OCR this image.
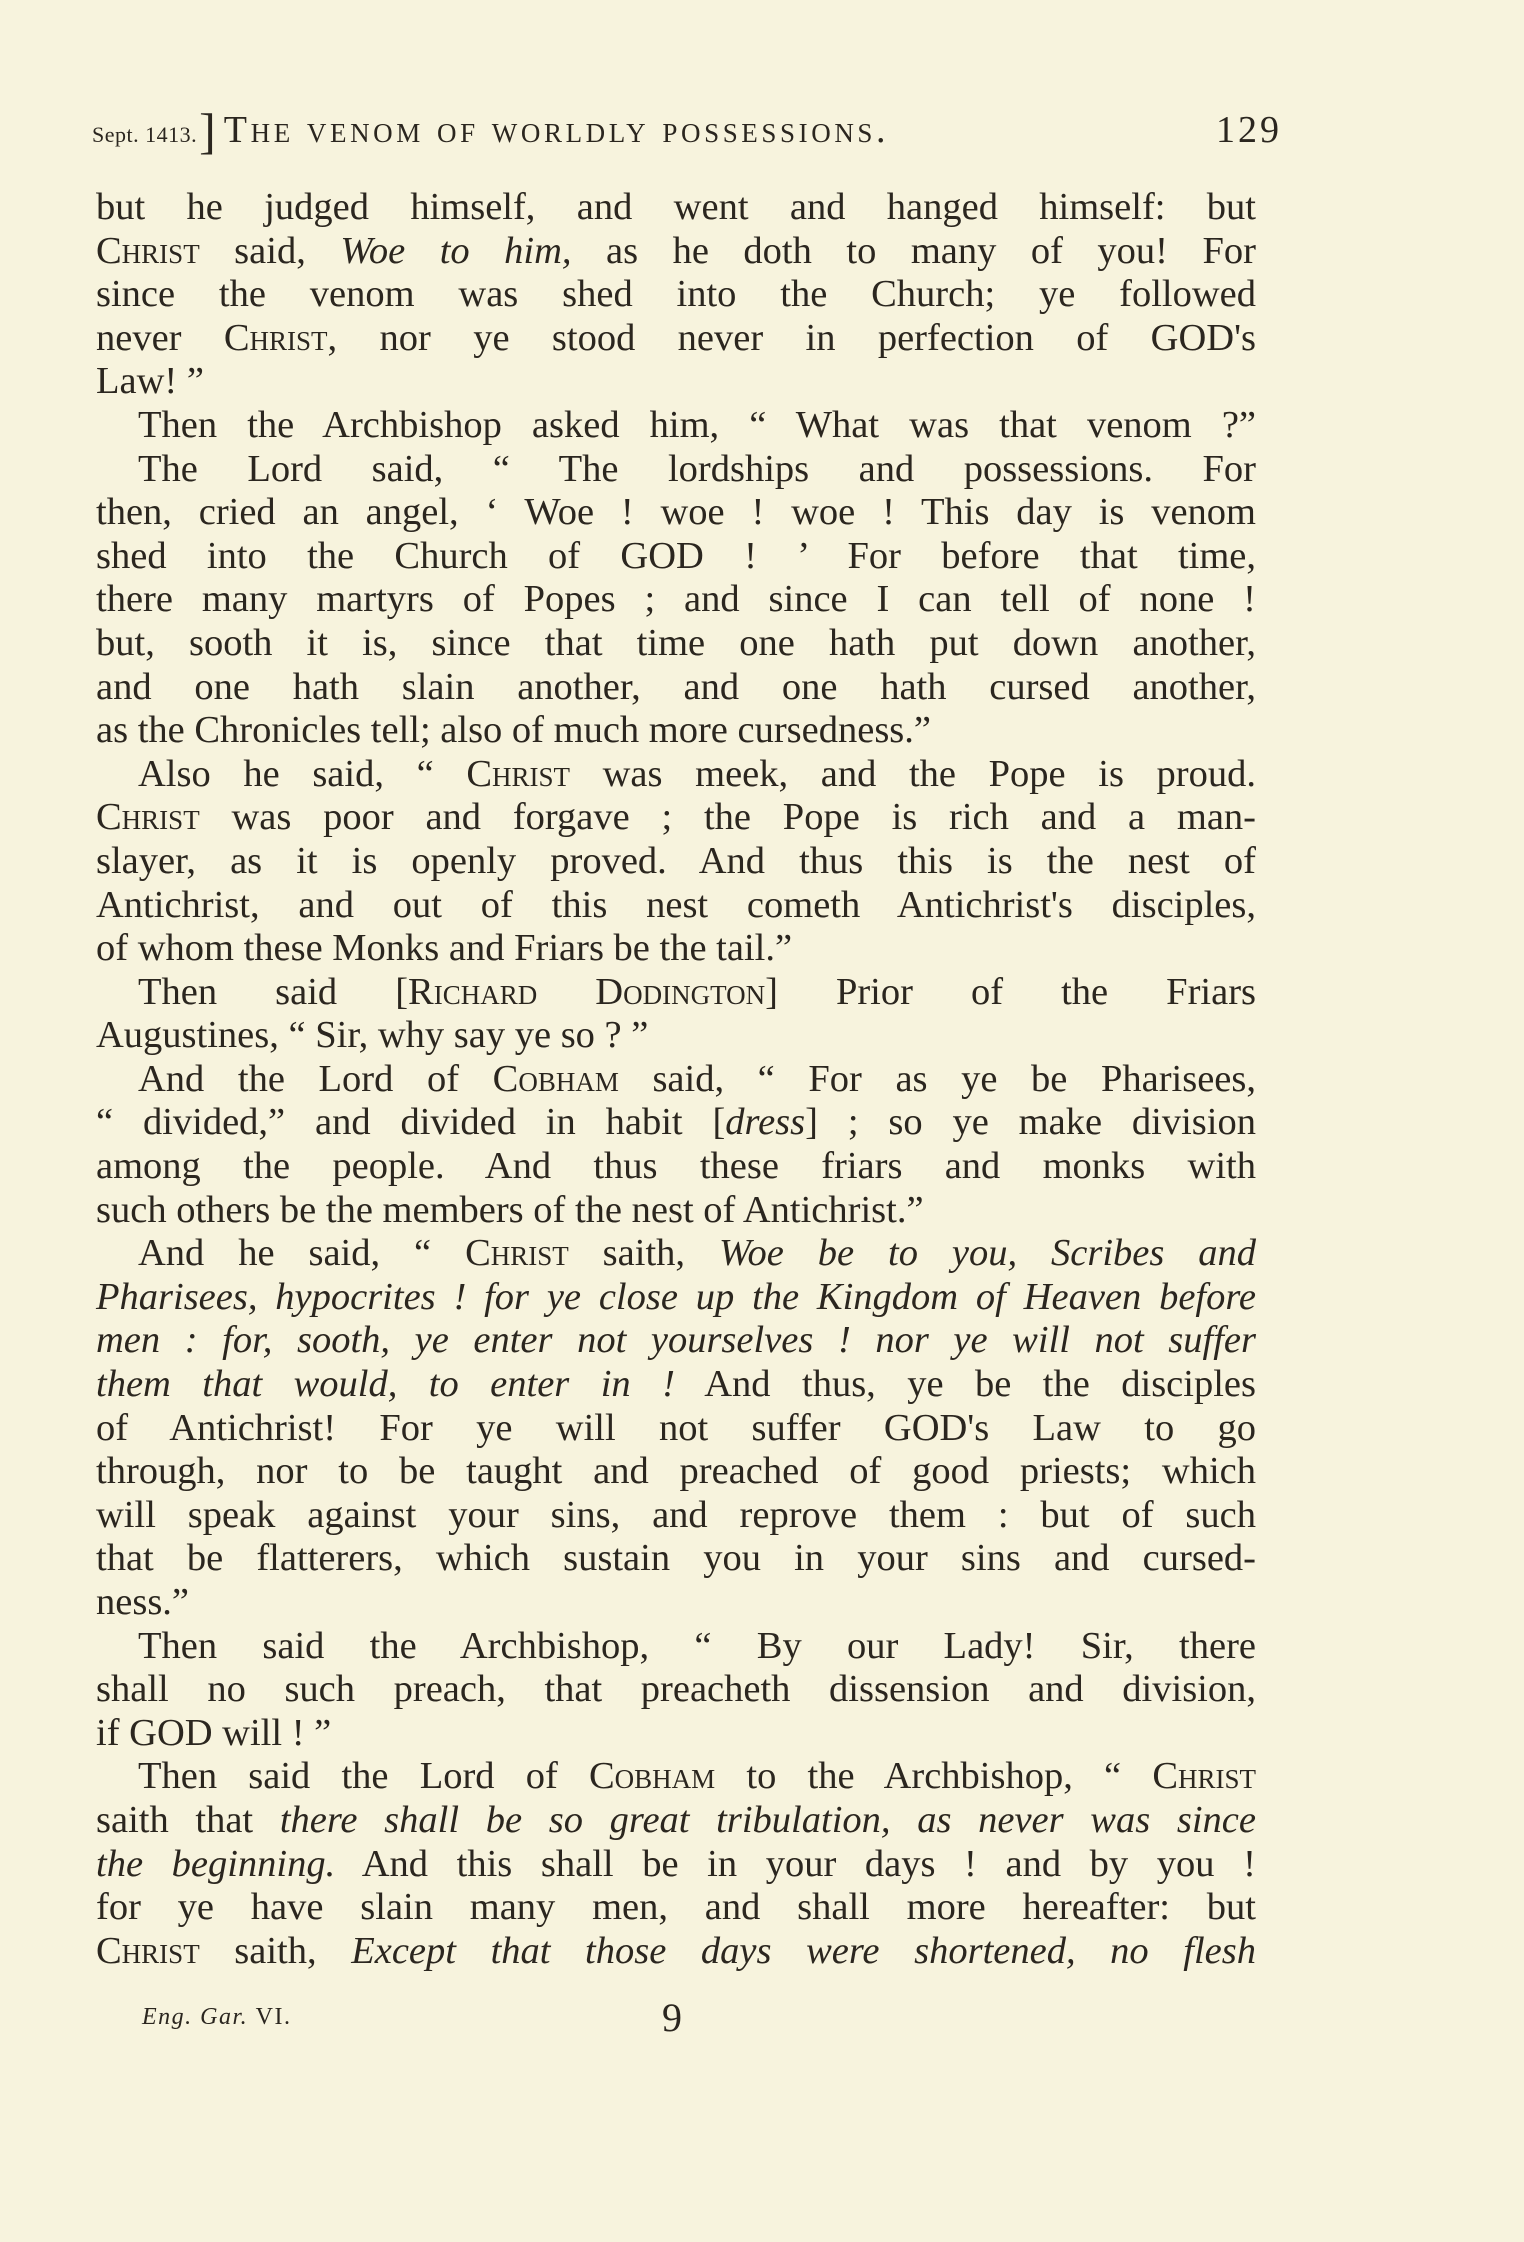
Sept. 1413. ] The venom of worldly possessions.	129
but he judged himself, and went and hanged himself: but
Christ said, Woe to him, as he doth to many of you! For
since the venom was shed into the Church; ye followed
never Christ, nor ye stood never in perfection of GOD's
Law! ”
Then the Archbishop asked him, “ What was that venom ?”
The Lord said, “ The lordships and possessions. For
then, cried an angel, ‘ Woe ! woe ! woe ! This day is venom
shed into the Church of GOD ! ’ For before that time,
there many martyrs of Popes ; and since I can tell of none !
but, sooth it is, since that time one hath put down another,
and one hath slain another, and one hath cursed another,
as the Chronicles tell; also of much more cursedness.”
Also he said, “ Christ was meek, and the Pope is proud.
Christ was poor and forgave ; the Pope is rich and a man-
slayer, as it is openly proved. And thus this is the nest of
Antichrist, and out of this nest cometh Antichrist's disciples,
of whom these Monks and Friars be the tail.”
Then said [Richard Dodington] Prior of the Friars
Augustines, “ Sir, why say ye so ? ”
And the Lord of Cobham said, “ For as ye be Pharisees,
“ divided,” and divided in habit [dress] ; so ye make division
among the people. And thus these friars and monks with
such others be the members of the nest of Antichrist.”
And he said, “ Christ saith, Woe be to you, Scribes and
Pharisees, hypocrites ! for ye close up the Kingdom of Heaven before
men : for, sooth, ye enter not yourselves ! nor ye will not suffer
them that would, to enter in ! And thus, ye be the disciples
of Antichrist! For ye will not suffer GOD's Law to go
through, nor to be taught and preached of good priests; which
will speak against your sins, and reprove them : but of such
that be flatterers, which sustain you in your sins and cursed-
ness.”
Then said the Archbishop, “ By our Lady! Sir, there
shall no such preach, that preacheth dissension and division,
if GOD will ! ”
Then said the Lord of Cobham to the Archbishop, “ Christ
saith that there shall be so great tribulation, as never was since
the beginning. And this shall be in your days ! and by you !
for ye have slain many men, and shall more hereafter: but
Christ saith, Except that those days were shortened, no flesh
Eng. Gar. VI.	9
